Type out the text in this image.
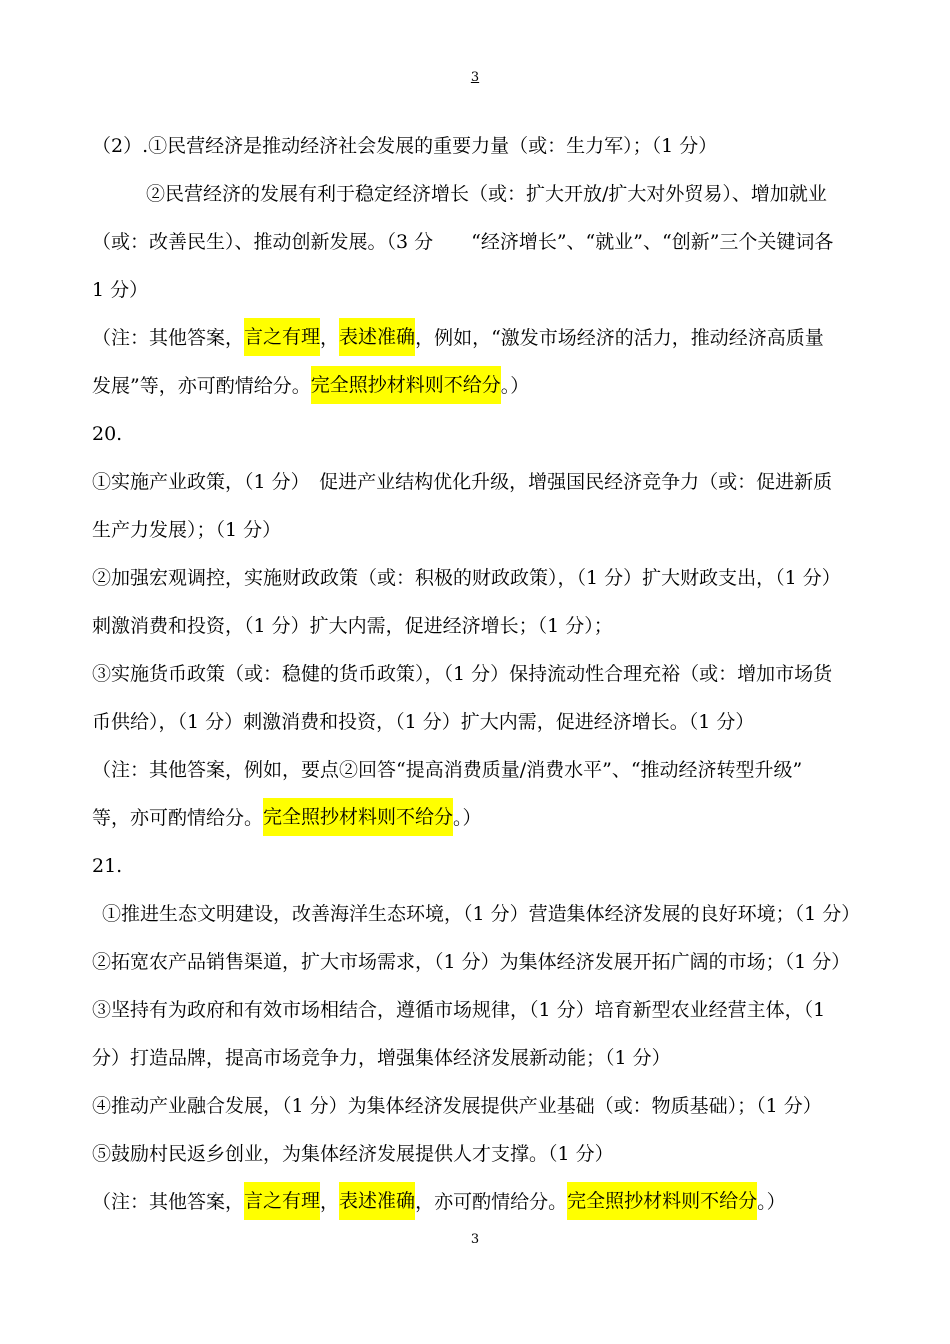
3
（2）.①民营经济是推动经济社会发展的重要力量（或：生力军）；（1 分）
②民营经济的发展有利于稳定经济增长（或：扩大开放/扩大对外贸易）、增加就业
（或：改善民生）、推动创新发展。（3 分　　“经济增长”、“就业”、“创新”三个关键词各
1 分）
（注：其他答案，言之有理，表述准确，例如，“激发市场经济的活力，推动经济高质量
发展”等，亦可酌情给分。完全照抄材料则不给分。）
20.
①实施产业政策，（1 分）　促进产业结构优化升级，增强国民经济竞争力（或：促进新质
生产力发展）；（1 分）
②加强宏观调控，实施财政政策（或：积极的财政政策），（1 分）扩大财政支出，（1 分）
刺激消费和投资，（1 分）扩大内需，促进经济增长；（1 分）；
③实施货币政策（或：稳健的货币政策），（1 分）保持流动性合理充裕（或：增加市场货
币供给），（1 分）刺激消费和投资，（1 分）扩大内需，促进经济增长。（1 分）
（注：其他答案，例如，要点②回答“提高消费质量/消费水平”、“推动经济转型升级”
等，亦可酌情给分。完全照抄材料则不给分。）
21.
①推进生态文明建设，改善海洋生态环境，（1 分）营造集体经济发展的良好环境；（1 分）
②拓宽农产品销售渠道，扩大市场需求，（1 分）为集体经济发展开拓广阔的市场；（1 分）
③坚持有为政府和有效市场相结合，遵循市场规律，（1 分）培育新型农业经营主体，（1
分）打造品牌，提高市场竞争力，增强集体经济发展新动能；（1 分）
④推动产业融合发展，（1 分）为集体经济发展提供产业基础（或：物质基础）；（1 分）
⑤鼓励村民返乡创业，为集体经济发展提供人才支撑。（1 分）
（注：其他答案，言之有理，表述准确，亦可酌情给分。完全照抄材料则不给分。）
3
